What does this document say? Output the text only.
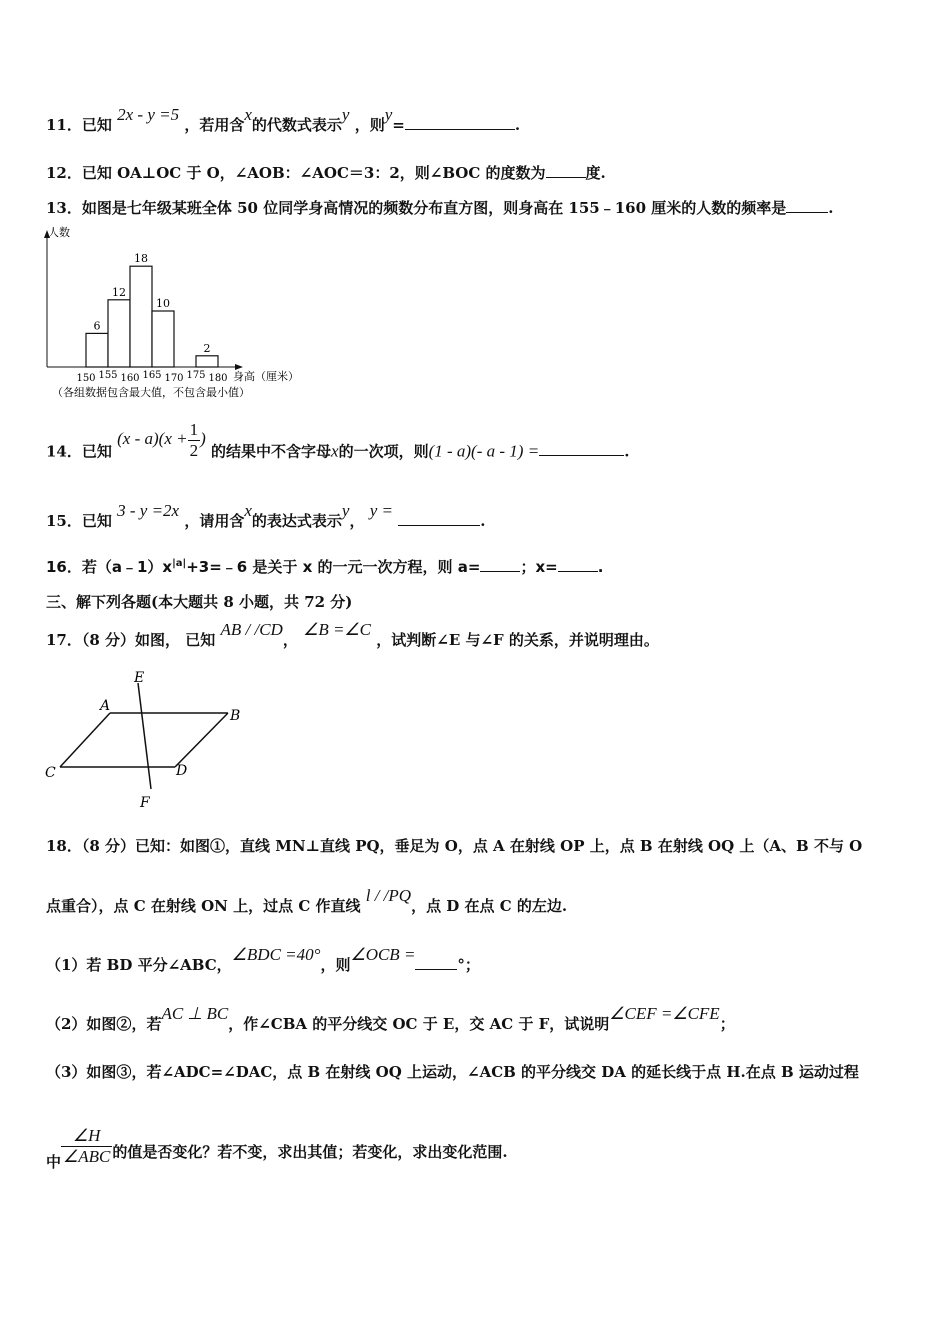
11．已知 2x - y =5 ，若用含x的代数式表示y ，则y=	.
12．已知 OA⊥OC 于 O，∠AOB：∠AOC＝3：2，则∠BOC 的度数为	度.
13．如图是七年级某班全体 50 位同学身高情况的频数分布直方图，则身高在 155﹣160 厘米的人数的频率是	.
人数
身高（厘米）
（各组数据包含最大值，不包含最小值）
6
12
18
10
2
150 155 160 165 170 175 180
14．已知 $(x - a)(x + \frac{1}{2}$ ) 的结果中不含字母x的一次项，则(1 - a)(- a - 1) =	.
15．已知 3 - y =2x ，请用含x的表达式表示y， y = .
16．若$(a﹣1)x^{|a|}+3=﹣6$ 是关于 x 的一元一次方程，则 a=	；x=	.
三、解下列各题(本大题共 8 小题，共 72 分)
17．（8 分）如图， 已知 AB / /CD， ∠B =∠C ，试判断∠E 与∠F 的关系，并说明理由。
E
A
B
C	D
F
18．（8 分）已知：如图①，直线 MN⊥直线 PQ，垂足为 O，点 A 在射线 OP 上，点 B 在射线 OQ 上（A、B 不与 O
点重合），点 C 在射线 ON 上，过点 C 作直线 l / /PQ，点 D 在点 C 的左边.
（1）若 BD 平分∠ABC，∠BDC =40°，则∠OCB =°；
（2）如图②，若AC ⊥ BC，作∠CBA 的平分线交 OC 于 E，交 AC 于 F，试说明∠CEF =∠CFE；
（3）如图③，若∠ADC=∠DAC，点 B 在射线 OQ 上运动，∠ACB 的平分线交 DA 的延长线于点 H.在点 B 运动过程
中 $\frac{\angle H}{\text{∠ABC}}$ 的值是否变化？若不变，求出其值；若变化，求出变化范围.
